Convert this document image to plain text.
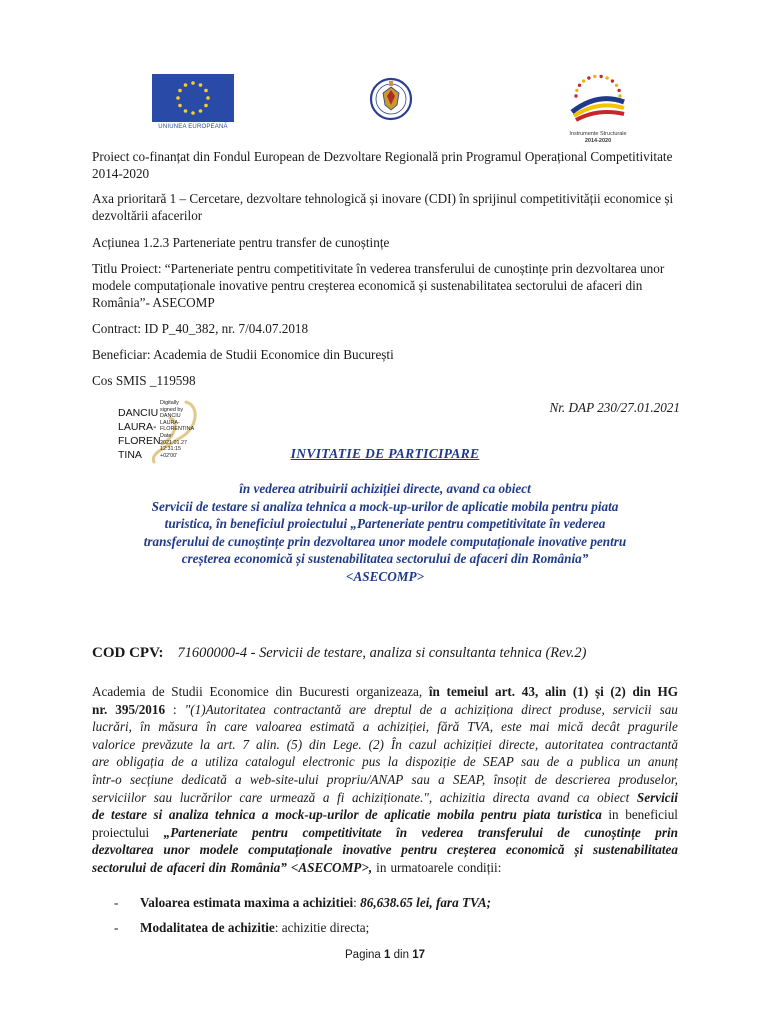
UNIUNEA EUROPEANĂ
Instrumente Structurale
2014-2020

Proiect co-finanțat din Fondul European de Dezvoltare Regională prin Programul Operațional Competitivitate 2014-2020

Axa prioritară 1 – Cercetare, dezvoltare tehnologică și inovare (CDI) în sprijinul competitivității economice și dezvoltării afacerilor

Acțiunea 1.2.3 Parteneriate pentru transfer de cunoștințe

Titlu Proiect: “Parteneriate pentru competitivitate în vederea transferului de cunoștințe prin dezvoltarea unor modele computaționale inovative pentru creșterea economică și sustenabilitatea sectorului de afaceri din România”- ASECOMP

Contract: ID P_40_382, nr. 7/04.07.2018

Beneficiar: Academia de Studii Economice din București

Cos SMIS _119598

DANCIU
LAURA-
FLOREN
TINA
Digitally
signed by
DANCIU
LAURA-
FLORENTINA
Date:
2021.01.27
12:31:15
+02'00'
Nr. DAP 230/27.01.2021
INVITATIE DE PARTICIPARE
în vederea atribuirii achiziției directe, avand ca obiect
Servicii de testare si analiza tehnica a mock-up-urilor de aplicatie mobila pentru piata
turistica, în beneficiul proiectului „Parteneriate pentru competitivitate în vederea
transferului de cunoștințe prin dezvoltarea unor modele computaționale inovative pentru
creșterea economică și sustenabilitatea sectorului de afaceri din România”
<ASECOMP>
COD CPV: 71600000-4 - Servicii de testare, analiza si consultanta tehnica (Rev.2)
Academia de Studii Economice din Bucuresti organizeaza, în temeiul art. 43, alin (1) și (2) din HG
nr. 395/2016 : "(1)Autoritatea contractantă are dreptul de a achiziționa direct produse, servicii sau
lucrări, în măsura în care valoarea estimată a achiziției, fără TVA, este mai mică decât pragurile
valorice prevăzute la art. 7 alin. (5) din Lege. (2) În cazul achiziției directe, autoritatea contractantă
are obligația de a utiliza catalogul electronic pus la dispoziție de SEAP sau de a publica un anunț
într-o secțiune dedicată a web-site-ului propriu/ANAP sau a SEAP, însoțit de descrierea produselor,
serviciilor sau lucrărilor care urmează a fi achiziționate.", achizitia directa avand ca obiect Servicii
de testare si analiza tehnica a mock-up-urilor de aplicatie mobila pentru piata turistica in beneficiul
proiectului „Parteneriate pentru competitivitate în vederea transferului de cunoștințe prin
dezvoltarea unor modele computaționale inovative pentru creșterea economică și sustenabilitatea
sectorului de afaceri din România” <ASECOMP>, in urmatoarele condiții:
- Valoarea estimata maxima a achizitiei: 86,638.65 lei, fara TVA;
- Modalitatea de achizitie: achizitie directa;
Pagina 1 din 17
